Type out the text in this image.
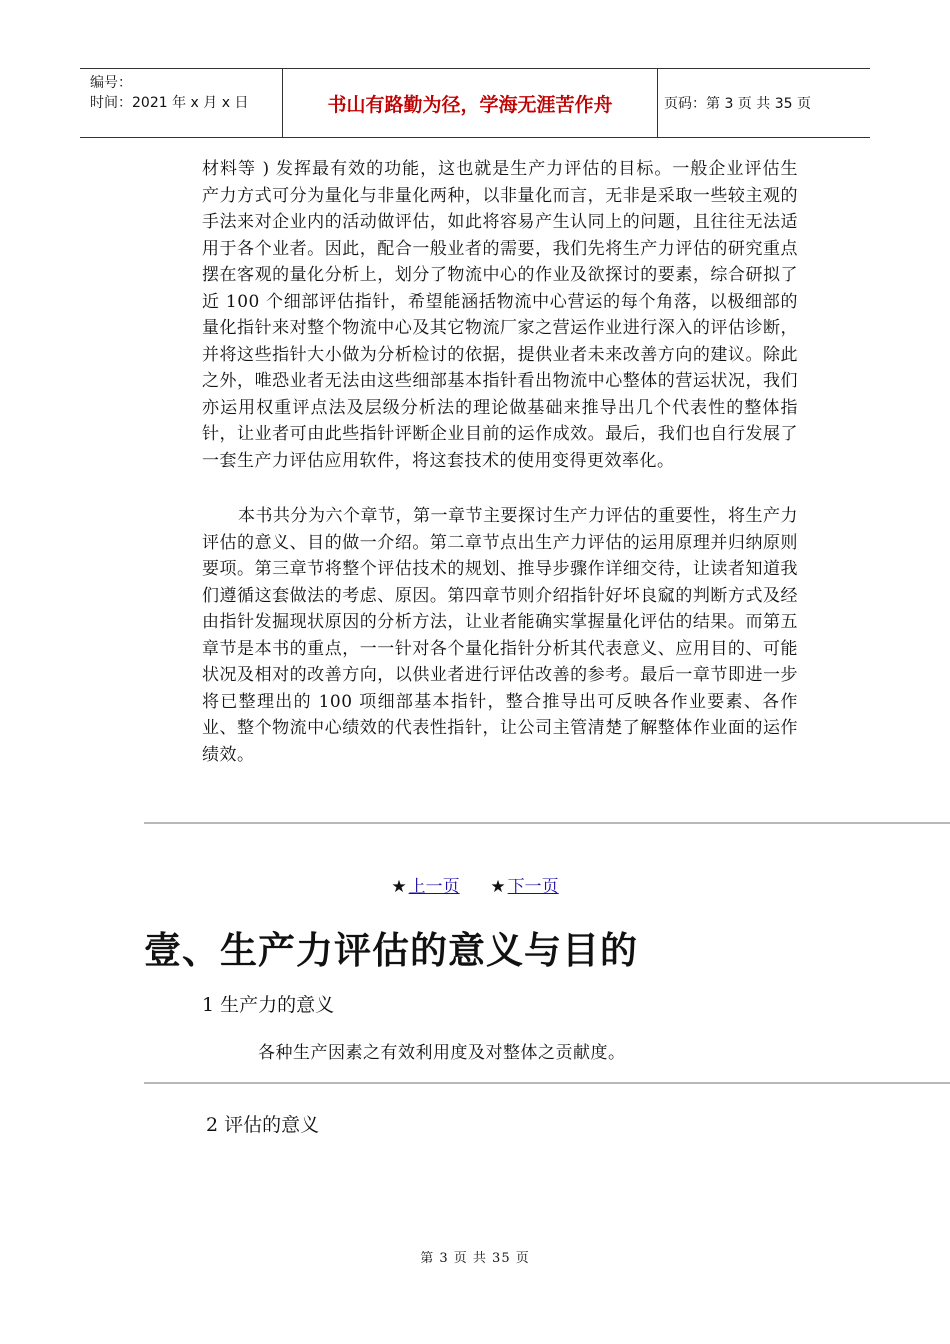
编号：
时间：2021 年 x 月 x 日	书山有路勤为径，学海无涯苦作舟	页码：第 3 页 共 35 页
材料等 ) 发挥最有效的功能，这也就是生产力评估的目标。一般企业评估生产力方式可分为量化与非量化两种，以非量化而言，无非是采取一些较主观的手法来对企业内的活动做评估，如此将容易产生认同上的问题，且往往无法适用于各个业者。因此，配合一般业者的需要，我们先将生产力评估的研究重点摆在客观的量化分析上，划分了物流中心的作业及欲探讨的要素，综合研拟了近 100 个细部评估指针，希望能涵括物流中心营运的每个角落，以极细部的量化指针来对整个物流中心及其它物流厂家之营运作业进行深入的评估诊断，并将这些指针大小做为分析检讨的依据，提供业者未来改善方向的建议。除此之外，唯恐业者无法由这些细部基本指针看出物流中心整体的营运状况，我们亦运用权重评点法及层级分析法的理论做基础来推导出几个代表性的整体指针，让业者可由此些指针评断企业目前的运作成效。最后，我们也自行发展了一套生产力评估应用软件，将这套技术的使用变得更效率化。
本书共分为六个章节，第一章节主要探讨生产力评估的重要性，将生产力评估的意义、目的做一介绍。第二章节点出生产力评估的运用原理并归纳原则要项。第三章节将整个评估技术的规划、推导步骤作详细交待，让读者知道我们遵循这套做法的考虑、原因。第四章节则介绍指针好坏良窳的判断方式及经由指针发掘现状原因的分析方法，让业者能确实掌握量化评估的结果。而第五章节是本书的重点，一一针对各个量化指针分析其代表意义、应用目的、可能状况及相对的改善方向，以供业者进行评估改善的参考。最后一章节即进一步将已整理出的 100 项细部基本指针，整合推导出可反映各作业要素、各作业、整个物流中心绩效的代表性指针，让公司主管清楚了解整体作业面的运作绩效。
★ 上一页 ★ 下一页
壹、生产力评估的意义与目的
1 生产力的意义
各种生产因素之有效利用度及对整体之贡献度。
2 评估的意义
第 3 页 共 35 页
